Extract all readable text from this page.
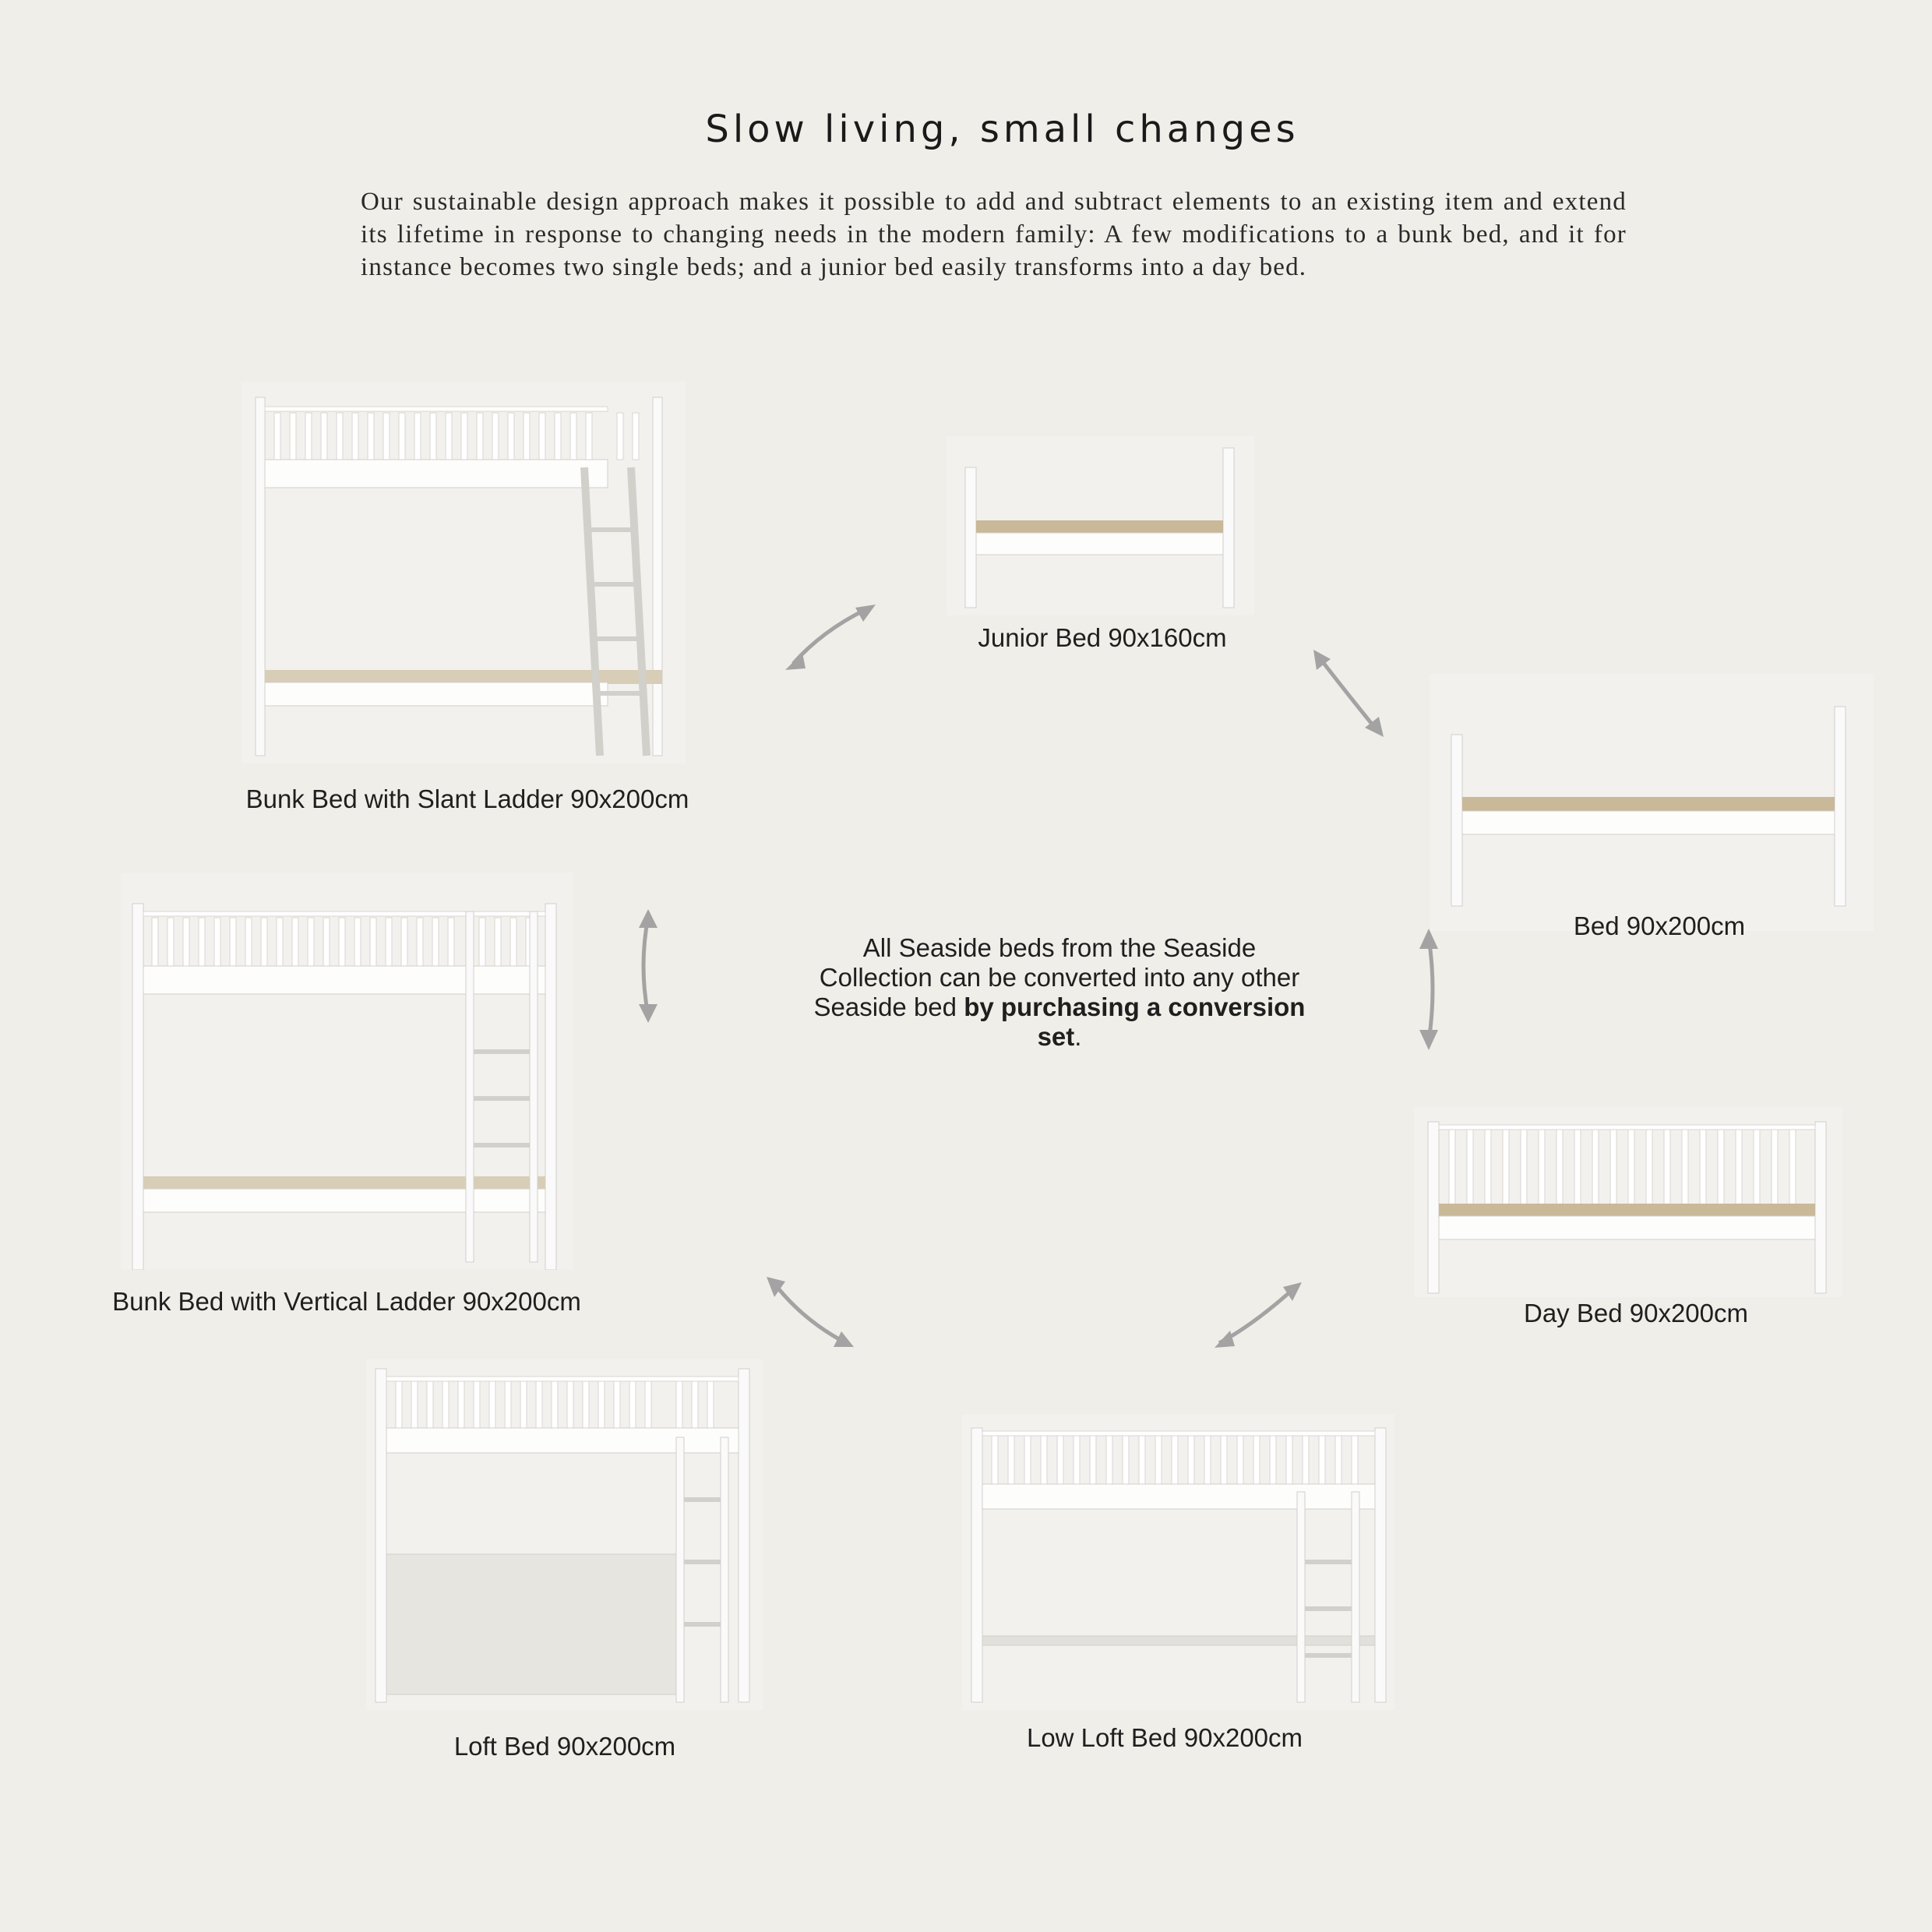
Slow living, small changes

Our sustainable design approach makes it possible to add and subtract elements to an existing item and extend its lifetime in response to changing needs in the modern family: A few modifications to a bunk bed, and it for instance becomes two single beds; and a junior bed easily transforms into a day bed.

Bunk Bed with Slant Ladder 90x200cm
Junior Bed 90x160cm
Bed 90x200cm
Bunk Bed with Vertical Ladder 90x200cm	Day Bed 90x200cm
Loft Bed 90x200cm	Low Loft Bed 90x200cm
All Seaside beds from the Seaside Collection can be converted into any other Seaside bed by purchasing a conversion set.
